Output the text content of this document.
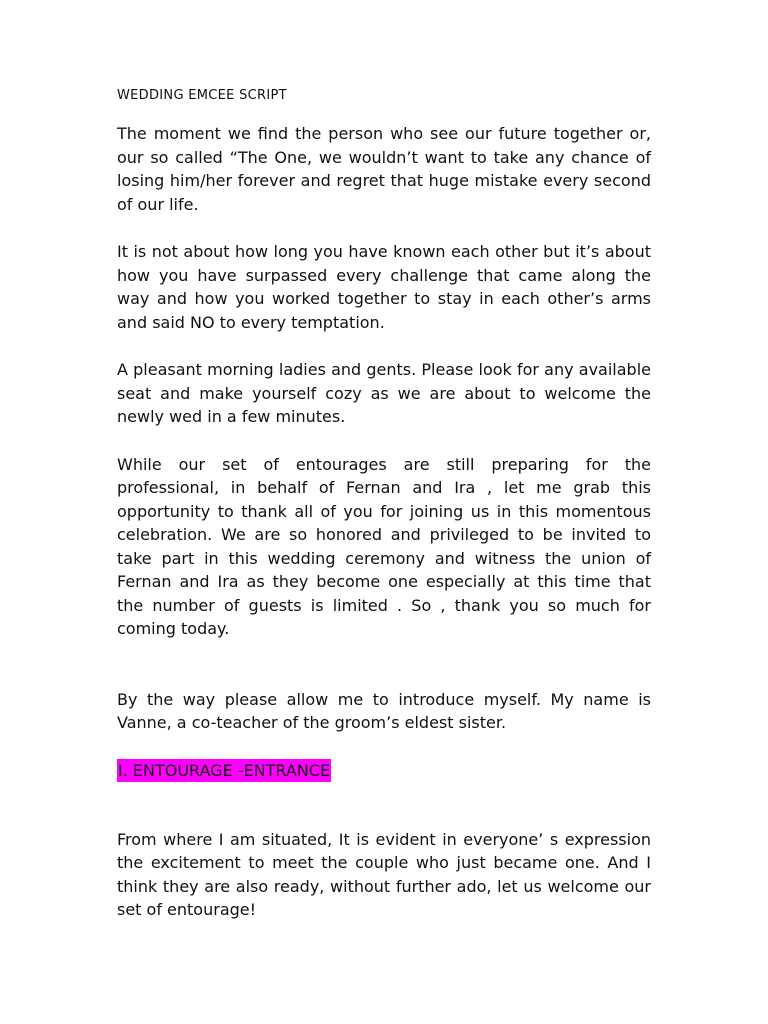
WEDDING EMCEE SCRIPT

The moment we find the person who see our future together or, our so called “The One, we wouldn’t want to take any chance of losing him/her forever and regret that huge mistake every second of our life.

It is not about how long you have known each other but it’s about how you have surpassed every challenge that came along the way and how you worked together to stay in each other’s arms and said NO to every temptation.

A pleasant morning ladies and gents. Please look for any available seat and make yourself cozy as we are about to welcome the newly wed in a few minutes.

While our set of entourages are still preparing for the professional, in behalf of Fernan and Ira , let me grab this opportunity to thank all of you for joining us in this momentous celebration. We are so honored and privileged to be invited to take part in this wedding ceremony and witness the union of Fernan and Ira as they become one especially at this time that the number of guests is limited . So , thank you so much for coming today.

By the way please allow me to introduce myself. My name is Vanne, a co-teacher of the groom’s eldest sister.

I. ENTOURAGE -ENTRANCE

From where I am situated, It is evident in everyone’ s expression the excitement to meet the couple who just became one. And I think they are also ready, without further ado, let us welcome our set of entourage!
